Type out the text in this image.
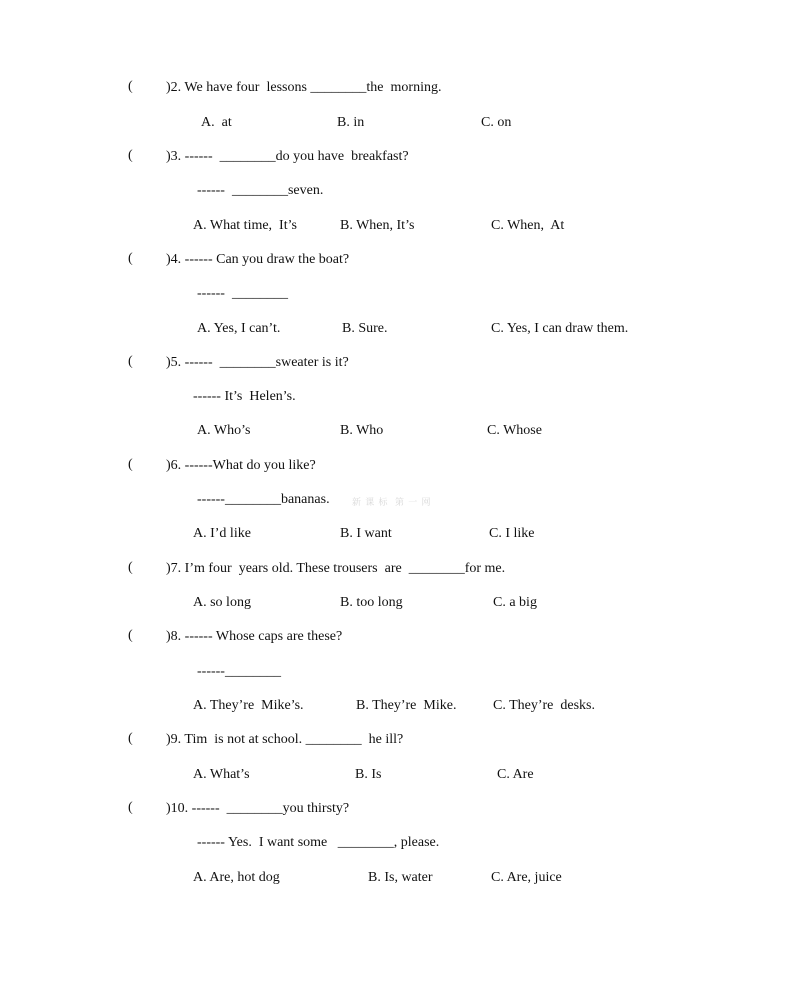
( )2. We have four  lessons ________the  morning.
A.  at	B. in	C. on
( )3. ------  ________do you have  breakfast?
------  ________seven.
A. What time,  It’s	B. When, It’s	C. When,  At
( )4. ------ Can you draw the boat?
------  ________
A. Yes, I can’t.	B. Sure.	C. Yes, I can draw them.
( )5. ------  ________sweater is it?
------ It’s  Helen’s.
A. Who’s	B. Who	C. Whose
( )6. ------What do you like?
------________bananas. 新 课 标  第 一 网
A. I’d like	B. I want	C. I like
( )7. I’m four  years old. These trousers  are  ________for me.
A. so long	B. too long	C. a big
( )8. ------ Whose caps are these?
------________
A. They’re  Mike’s.	B. They’re  Mike.	C. They’re  desks.
( )9. Tim  is not at school. ________  he ill?
A. What’s	B. Is	C. Are
( )10. ------  ________you thirsty?
------ Yes.  I want some   ________, please.
A. Are, hot dog	B. Is, water	C. Are, juice
